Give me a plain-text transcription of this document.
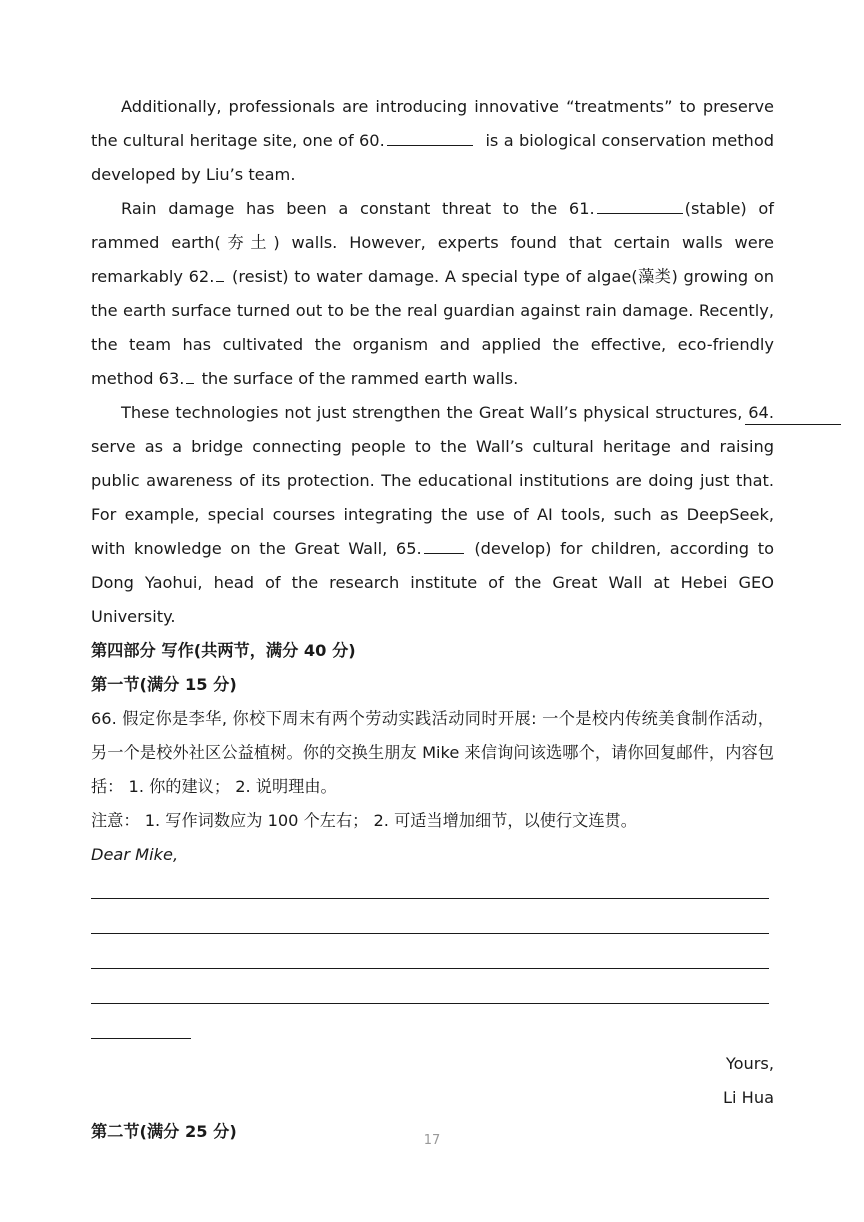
Additionally, professionals are introducing innovative “treatments” to preserve the cultural heritage site, one of 60.	is a biological conservation method developed by Liu’s team.

Rain damage has been a constant threat to the 61.	(stable) of rammed earth(夯土) walls. However, experts found that certain walls were remarkably 62. (resist) to water damage. A special type of algae(藻类) growing on the earth surface turned out to be the real guardian against rain damage. Recently, the team has cultivated the organism and applied the effective, eco-friendly method 63. the surface of the rammed earth walls.

These technologies not just strengthen the Great Wall’s physical structures, 64. serve as a bridge connecting people to the Wall’s cultural heritage and raising public awareness of its protection. The educational institutions are doing just that. For example, special courses integrating the use of AI tools, such as DeepSeek, with knowledge on the Great Wall, 65.	(develop) for children, according to Dong Yaohui, head of the research institute of the Great Wall at Hebei GEO University.

第四部分 写作(共两节，满分 40 分)

第一节(满分 15 分)

66. 假定你是李华, 你校下周末有两个劳动实践活动同时开展: 一个是校内传统美食制作活动，另一个是校外社区公益植树。你的交换生朋友 Mike 来信询问该选哪个，请你回复邮件，内容包括： 1. 你的建议； 2. 说明理由。

注意： 1. 写作词数应为 100 个左右； 2. 可适当增加细节，以使行文连贯。

Dear Mike,

Yours,

Li Hua

第二节(满分 25 分)	17
